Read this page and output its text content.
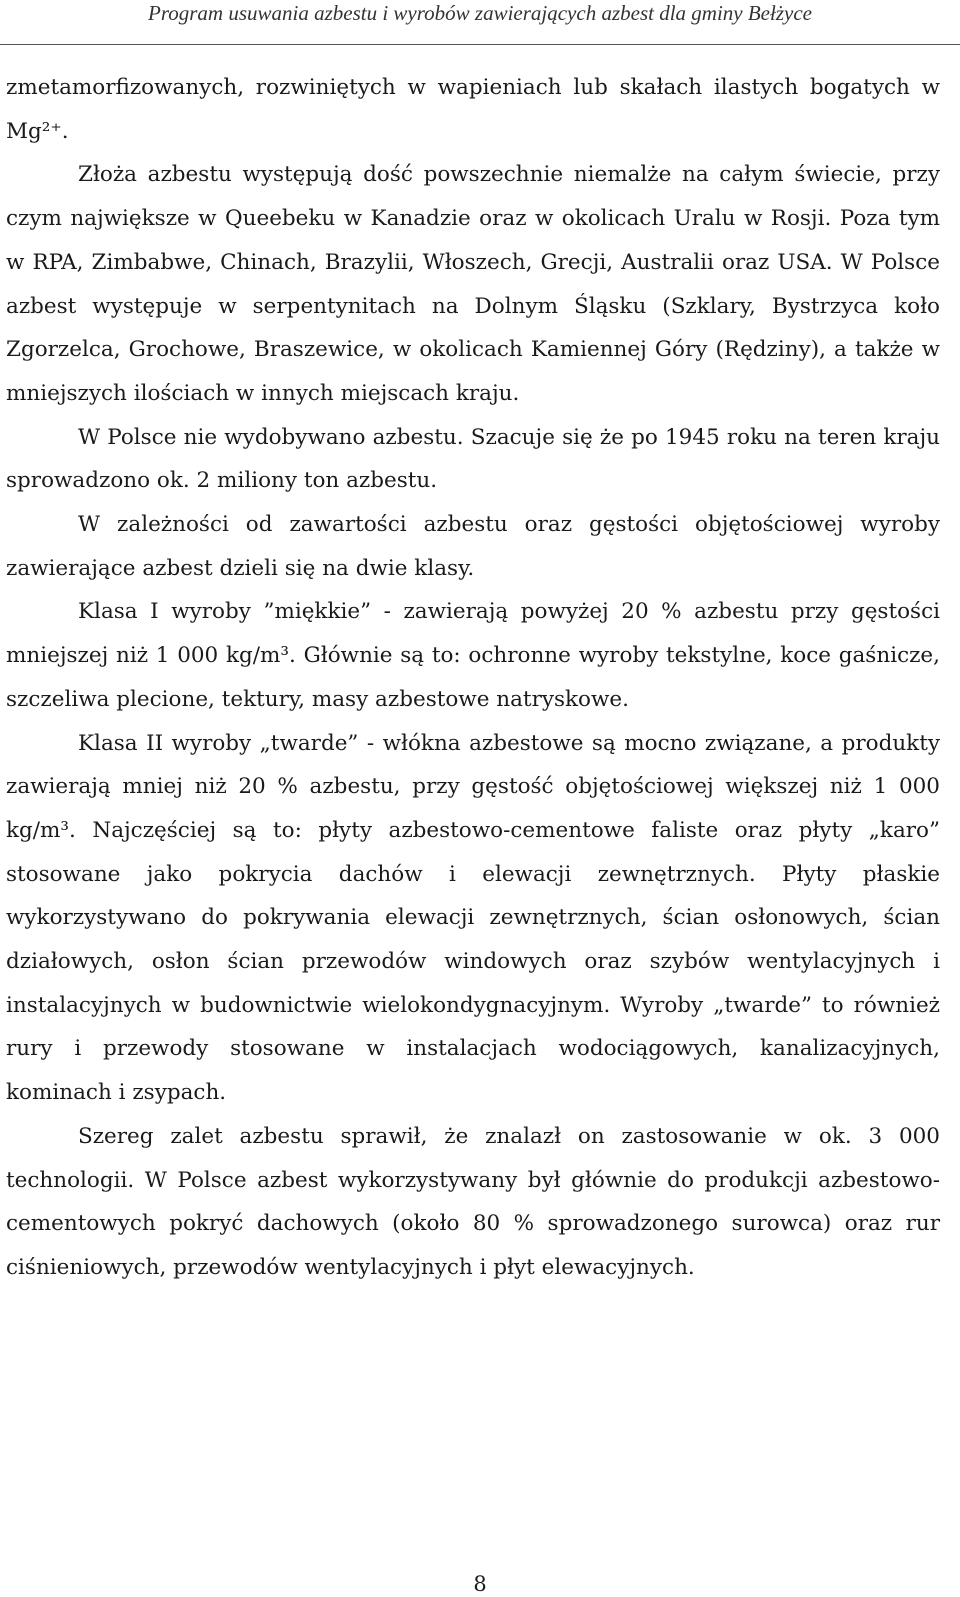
Program usuwania azbestu i wyrobów zawierających azbest dla gminy Bełżyce

zmetamorfizowanych, rozwiniętych w wapieniach lub skałach ilastych bogatych w Mg²⁺.

Złoża azbestu występują dość powszechnie niemalże na całym świecie, przy czym największe w Queebeku w Kanadzie oraz w okolicach Uralu w Rosji. Poza tym w RPA, Zimbabwe, Chinach, Brazylii, Włoszech, Grecji, Australii oraz USA. W Polsce azbest występuje w serpentynitach na Dolnym Śląsku (Szklary, Bystrzyca koło Zgorzelca, Grochowe, Braszewice, w okolicach Kamiennej Góry (Rędziny), a także w mniejszych ilościach w innych miejscach kraju.

W Polsce nie wydobywano azbestu. Szacuje się że po 1945 roku na teren kraju sprowadzono ok. 2 miliony ton azbestu.

W zależności od zawartości azbestu oraz gęstości objętościowej wyroby zawierające azbest dzieli się na dwie klasy.

Klasa I wyroby ”miękkie” - zawierają powyżej 20 % azbestu przy gęstości mniejszej niż 1 000 kg/m³. Głównie są to: ochronne wyroby tekstylne, koce gaśnicze, szczeliwa plecione, tektury, masy azbestowe natryskowe.

Klasa II wyroby „twarde” - włókna azbestowe są mocno związane, a produkty zawierają mniej niż 20 % azbestu, przy gęstość objętościowej większej niż 1 000 kg/m³. Najczęściej są to: płyty azbestowo-cementowe faliste oraz płyty „karo” stosowane jako pokrycia dachów i elewacji zewnętrznych. Płyty płaskie wykorzystywano do pokrywania elewacji zewnętrznych, ścian osłonowych, ścian działowych, osłon ścian przewodów windowych oraz szybów wentylacyjnych i instalacyjnych w budownictwie wielokondygnacyjnym. Wyroby „twarde” to również rury i przewody stosowane w instalacjach wodociągowych, kanalizacyjnych, kominach i zsypach.

Szereg zalet azbestu sprawił, że znalazł on zastosowanie w ok. 3 000 technologii. W Polsce azbest wykorzystywany był głównie do produkcji azbestowo-cementowych pokryć dachowych (około 80 % sprowadzonego surowca) oraz rur ciśnieniowych, przewodów wentylacyjnych i płyt elewacyjnych.

8
